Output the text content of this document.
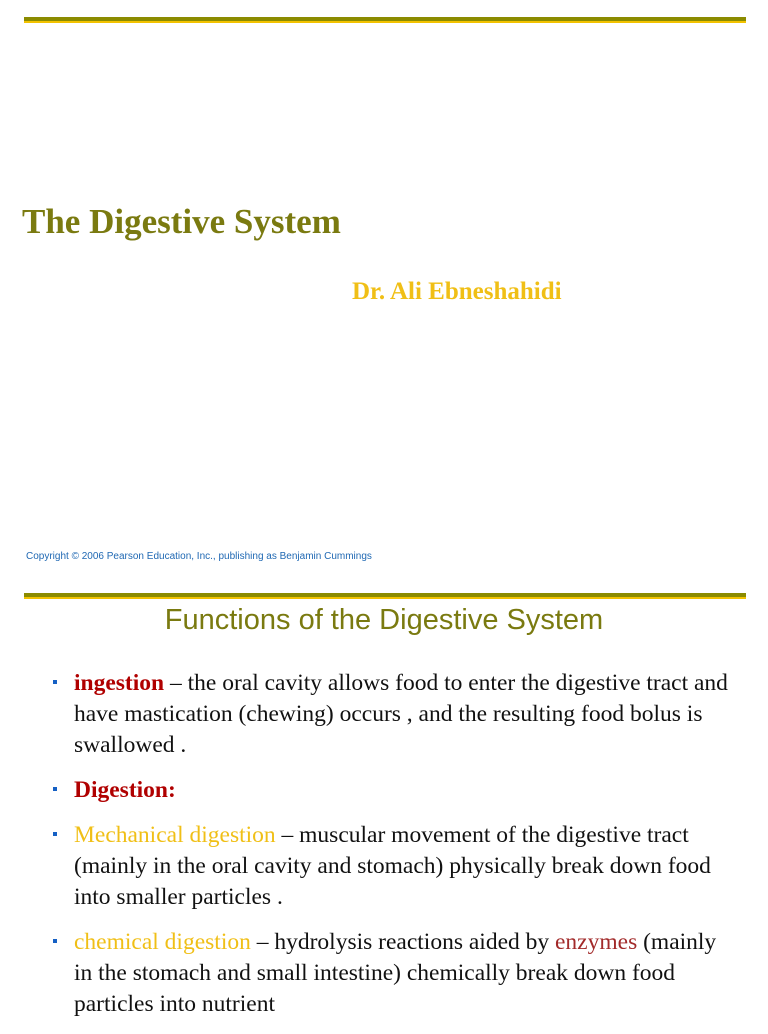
The Digestive System
Dr. Ali Ebneshahidi
Copyright © 2006 Pearson Education, Inc., publishing as Benjamin Cummings
Functions of the Digestive System
ingestion – the oral cavity allows food to enter the digestive tract and have mastication (chewing) occurs , and the resulting food bolus is swallowed .
Digestion:
Mechanical digestion – muscular movement of the digestive tract (mainly in the oral cavity and stomach) physically break down food into smaller particles .
chemical digestion – hydrolysis reactions aided by enzymes (mainly in the stomach and small intestine) chemically break down food particles into nutrient
